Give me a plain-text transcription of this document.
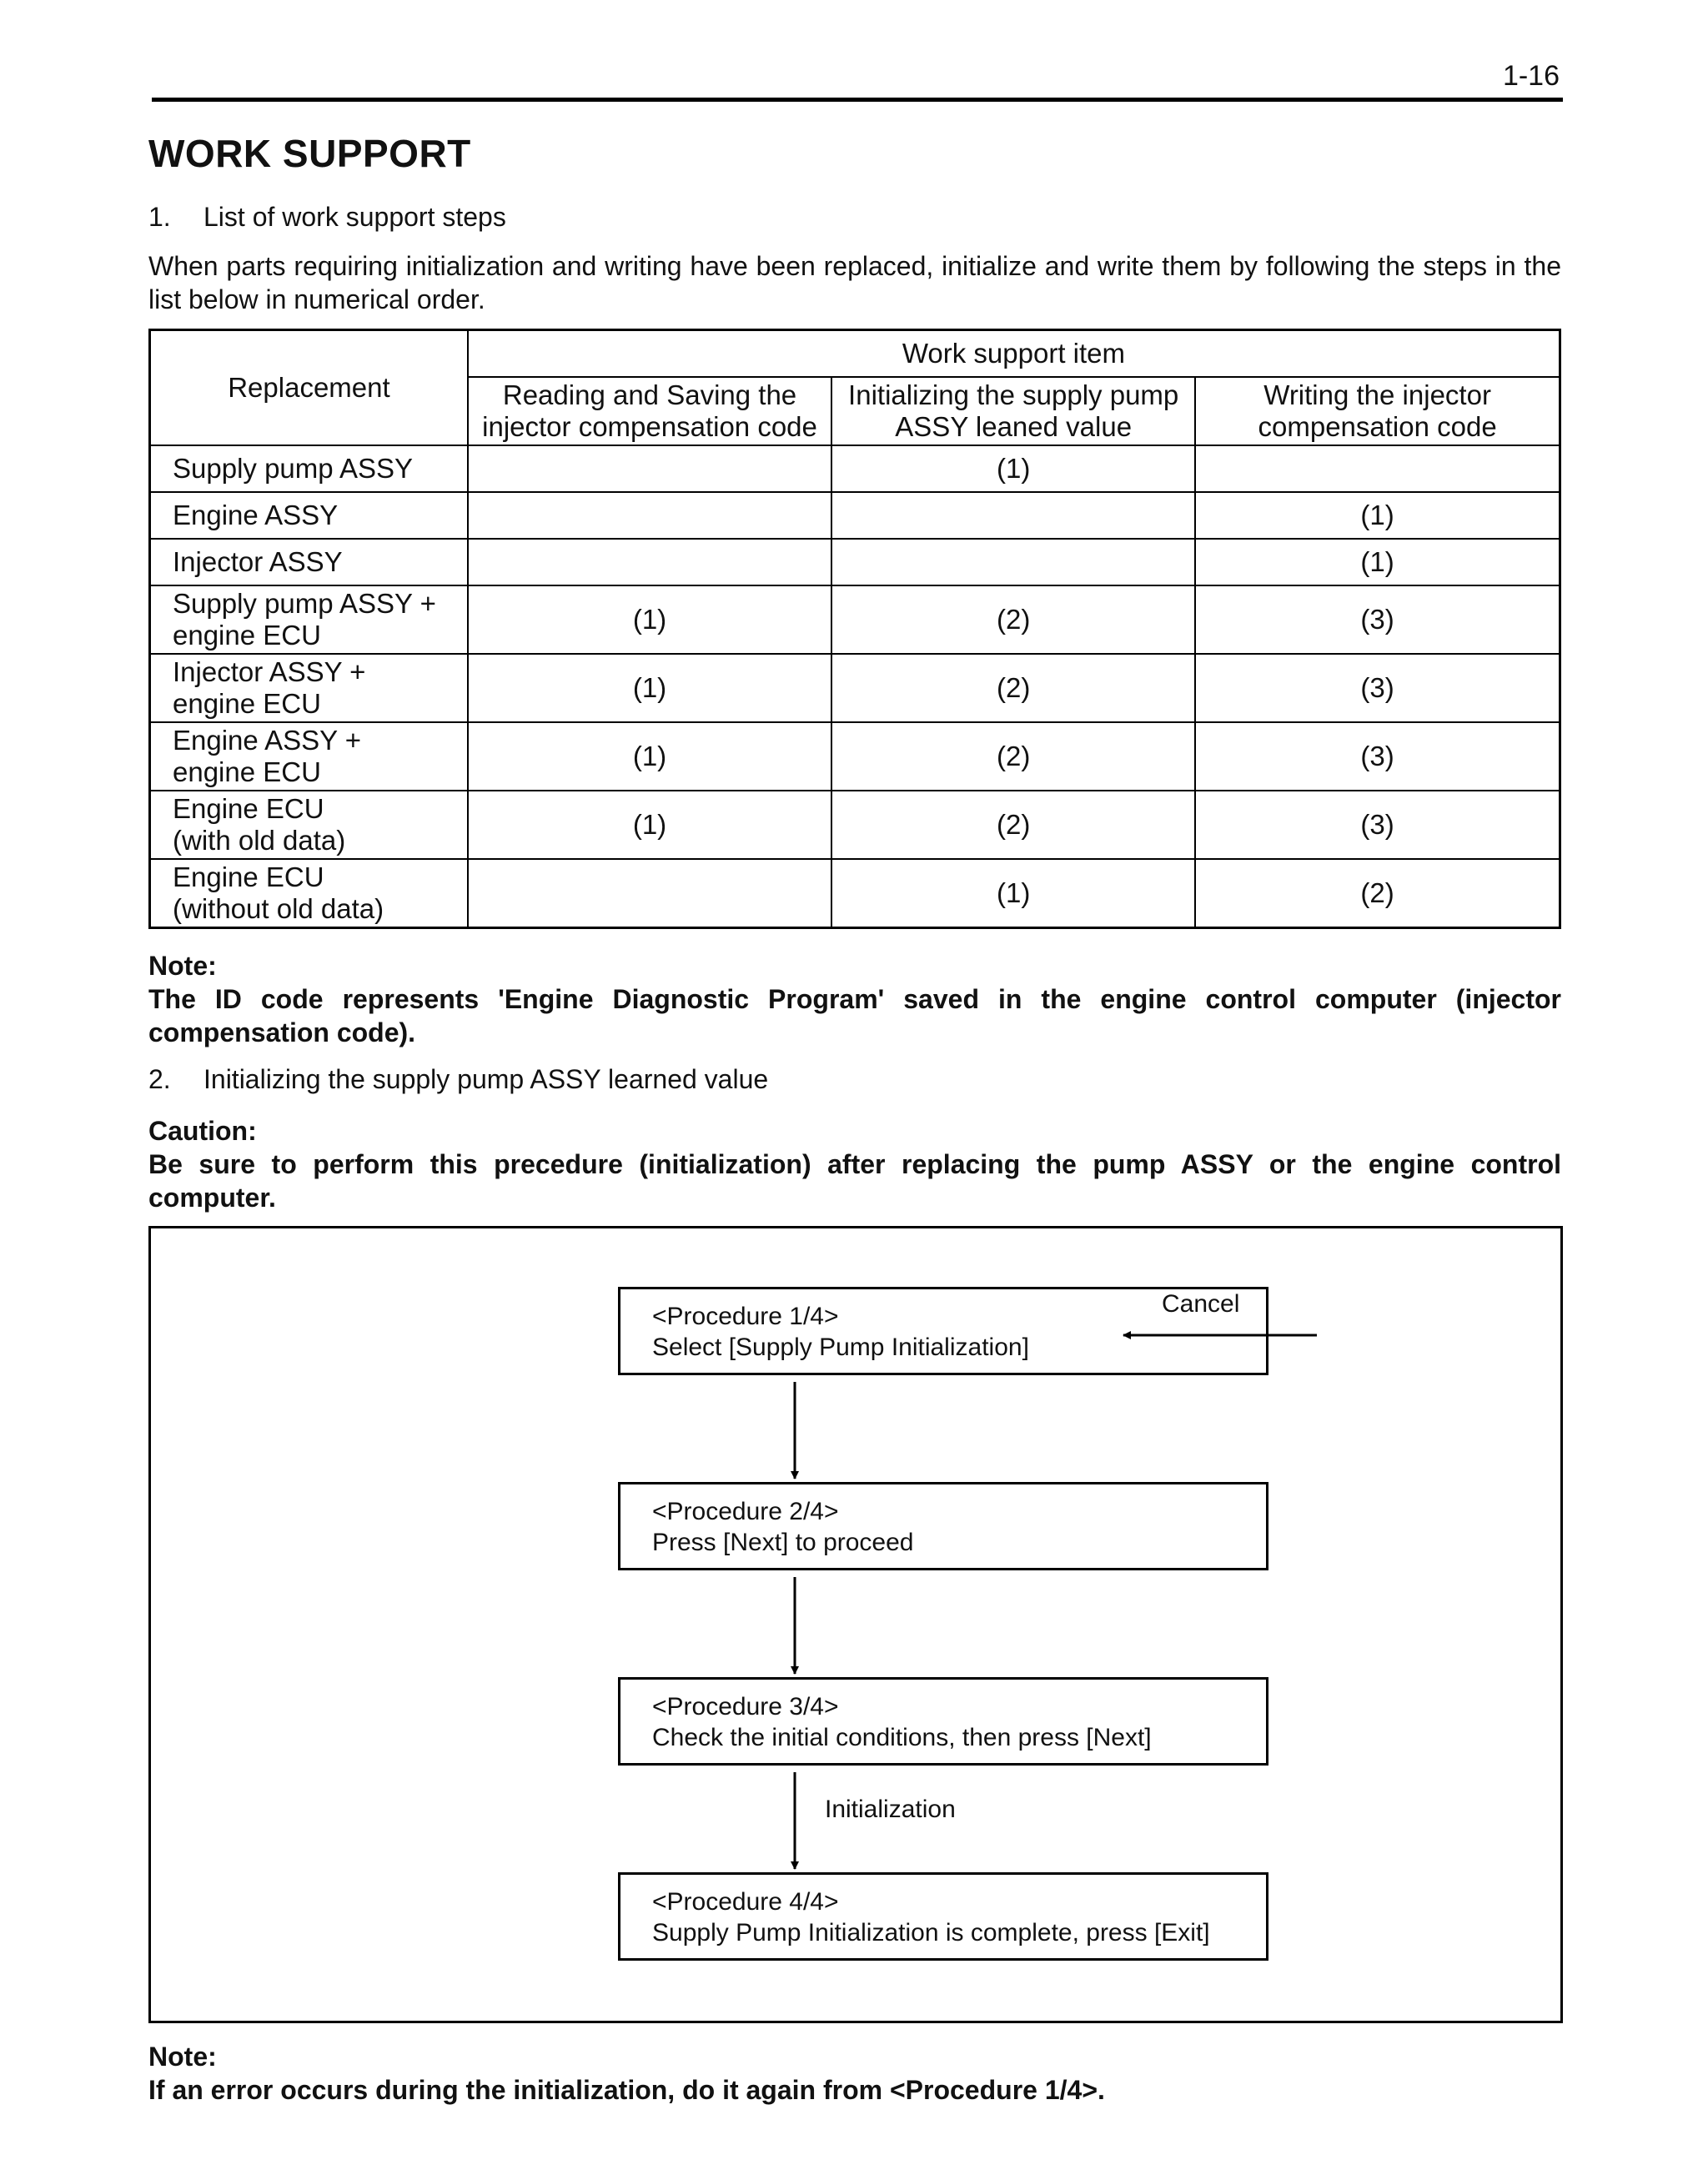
1-16
WORK SUPPORT
1. List of work support steps
When parts requiring initialization and writing have been replaced, initialize and write them by following the steps in the list below in numerical order.
Replacement	Work support item		
	Reading and Saving the injector compensation code	Initializing the supply pump ASSY leaned value	Writing the injector compensation code

Supply pump ASSY		(1)	

Engine ASSY			(1)

Injector ASSY			(1)

Supply pump ASSY +
engine ECU	(1)	(2)	(3)

Injector ASSY +
engine ECU	(1)	(2)	(3)

Engine ASSY +
engine ECU	(1)	(2)	(3)

Engine ECU
(with old data)	(1)	(2)	(3)

Engine ECU
(without old data)		(1)	(2)
Note:
The ID code represents 'Engine Diagnostic Program' saved in the engine control computer (injector compensation code).
2. Initializing the supply pump ASSY learned value
Caution:
Be sure to perform this precedure (initialization) after replacing the pump ASSY or the engine control computer.
<Procedure 1/4>
Select [Supply Pump Initialization]
<Procedure 2/4>
Press [Next] to proceed
<Procedure 3/4>
Check the initial conditions, then press [Next]
<Procedure 4/4>
Supply Pump Initialization is complete, press [Exit]
Cancel
Initialization
Note:
If an error occurs during the initialization, do it again from <Procedure 1/4>.
